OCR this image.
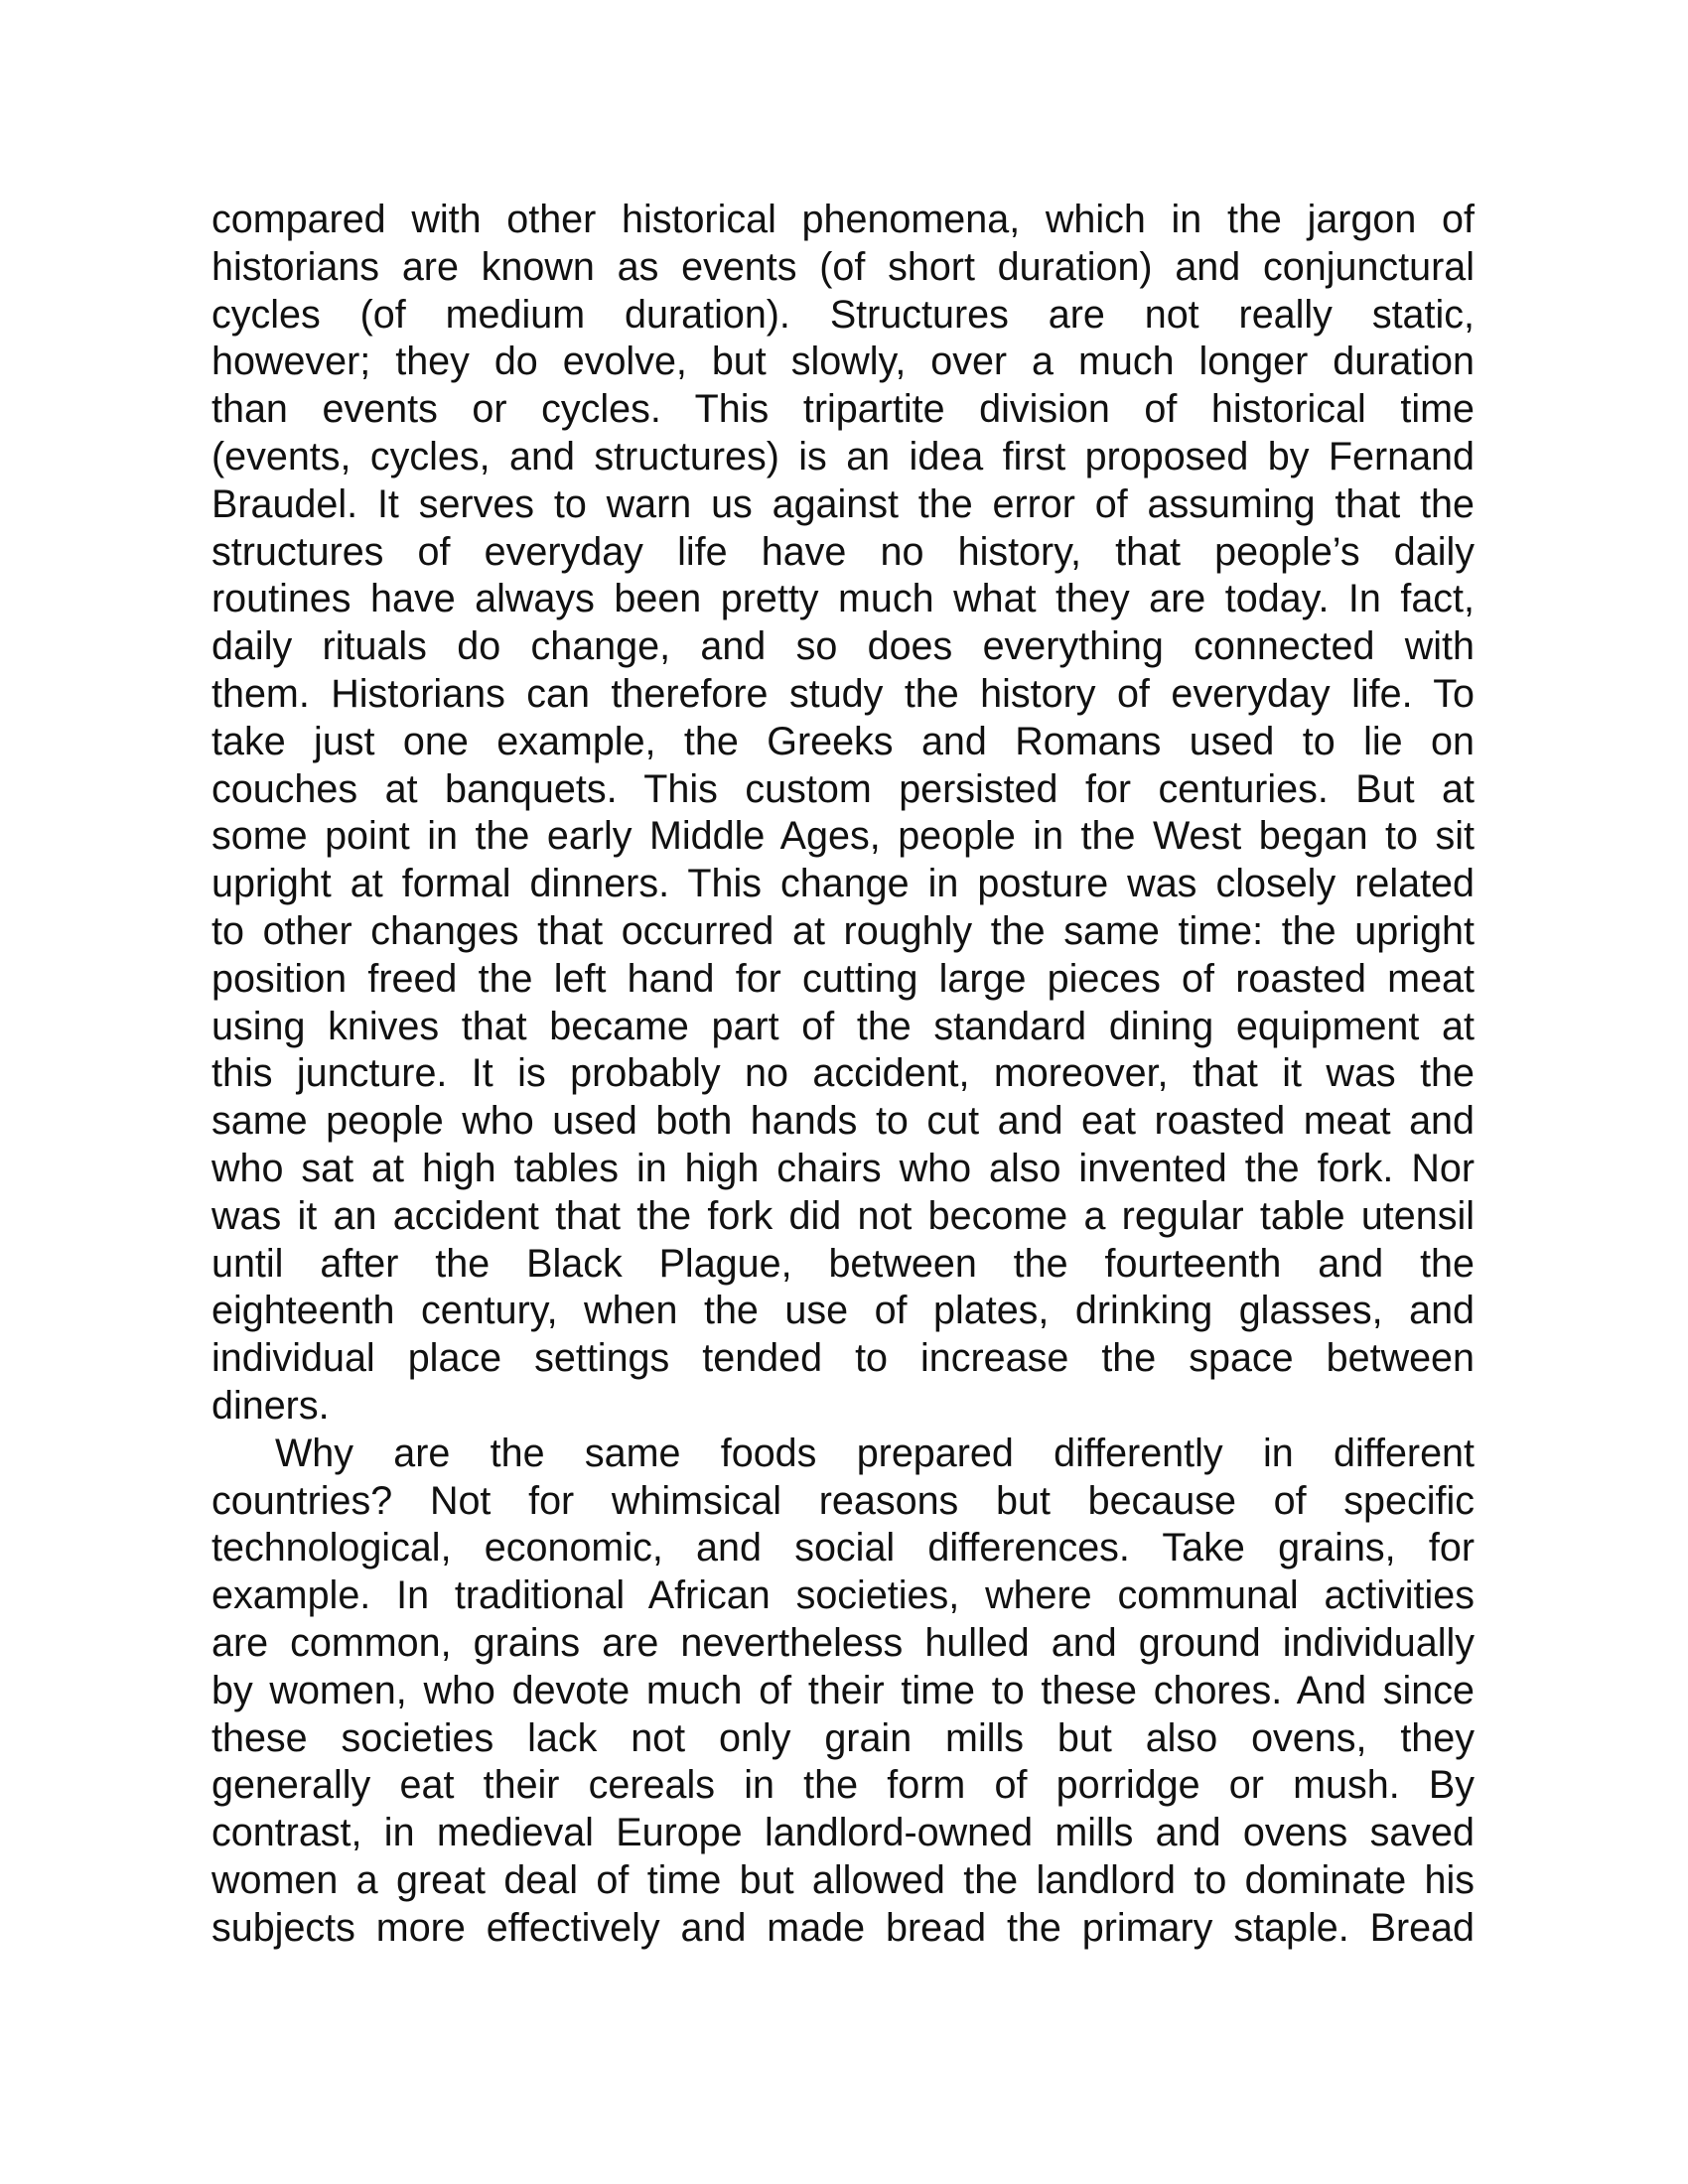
compared with other historical phenomena, which in the jargon of
historians are known as events (of short duration) and conjunctural
cycles (of medium duration). Structures are not really static,
however; they do evolve, but slowly, over a much longer duration
than events or cycles. This tripartite division of historical time
(events, cycles, and structures) is an idea first proposed by Fernand
Braudel. It serves to warn us against the error of assuming that the
structures of everyday life have no history, that people’s daily
routines have always been pretty much what they are today. In fact,
daily rituals do change, and so does everything connected with
them. Historians can therefore study the history of everyday life. To
take just one example, the Greeks and Romans used to lie on
couches at banquets. This custom persisted for centuries. But at
some point in the early Middle Ages, people in the West began to sit
upright at formal dinners. This change in posture was closely related
to other changes that occurred at roughly the same time: the upright
position freed the left hand for cutting large pieces of roasted meat
using knives that became part of the standard dining equipment at
this juncture. It is probably no accident, moreover, that it was the
same people who used both hands to cut and eat roasted meat and
who sat at high tables in high chairs who also invented the fork. Nor
was it an accident that the fork did not become a regular table utensil
until after the Black Plague, between the fourteenth and the
eighteenth century, when the use of plates, drinking glasses, and
individual place settings tended to increase the space between
diners.
Why are the same foods prepared differently in different
countries? Not for whimsical reasons but because of specific
technological, economic, and social differences. Take grains, for
example. In traditional African societies, where communal activities
are common, grains are nevertheless hulled and ground individually
by women, who devote much of their time to these chores. And since
these societies lack not only grain mills but also ovens, they
generally eat their cereals in the form of porridge or mush. By
contrast, in medieval Europe landlord-owned mills and ovens saved
women a great deal of time but allowed the landlord to dominate his
subjects more effectively and made bread the primary staple. Bread
